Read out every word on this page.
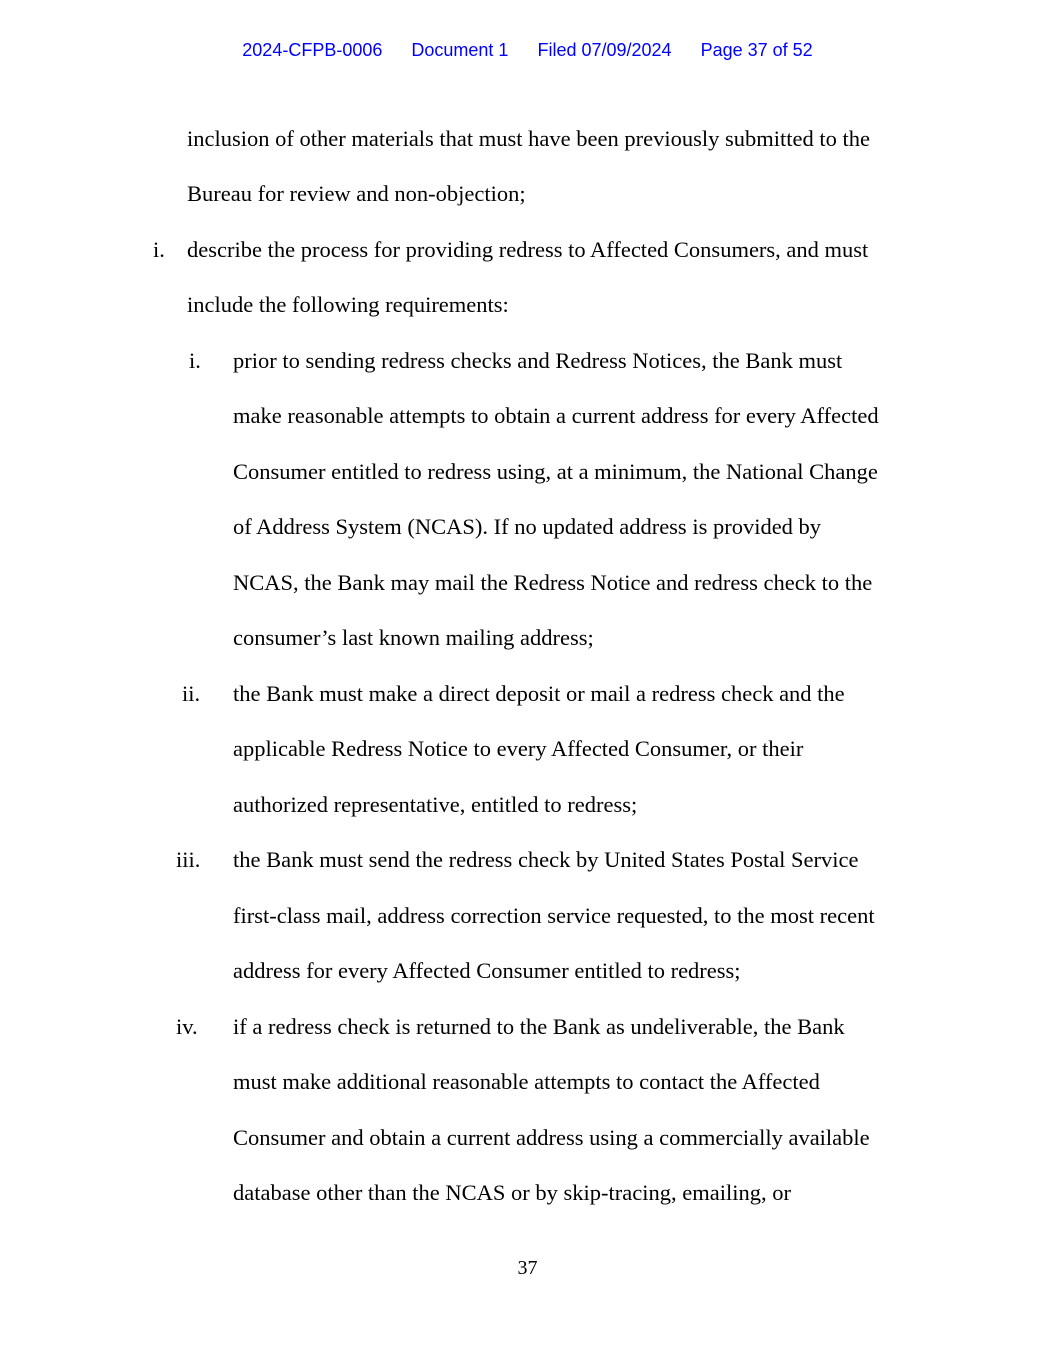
2024-CFPB-0006 Document 1 Filed 07/09/2024 Page 37 of 52
inclusion of other materials that must have been previously submitted to the
Bureau for review and non-objection;
i. describe the process for providing redress to Affected Consumers, and must
include the following requirements:
i. prior to sending redress checks and Redress Notices, the Bank must
make reasonable attempts to obtain a current address for every Affected
Consumer entitled to redress using, at a minimum, the National Change
of Address System (NCAS). If no updated address is provided by
NCAS, the Bank may mail the Redress Notice and redress check to the
consumer’s last known mailing address;
ii. the Bank must make a direct deposit or mail a redress check and the
applicable Redress Notice to every Affected Consumer, or their
authorized representative, entitled to redress;
iii. the Bank must send the redress check by United States Postal Service
first-class mail, address correction service requested, to the most recent
address for every Affected Consumer entitled to redress;
iv. if a redress check is returned to the Bank as undeliverable, the Bank
must make additional reasonable attempts to contact the Affected
Consumer and obtain a current address using a commercially available
database other than the NCAS or by skip-tracing, emailing, or
37
